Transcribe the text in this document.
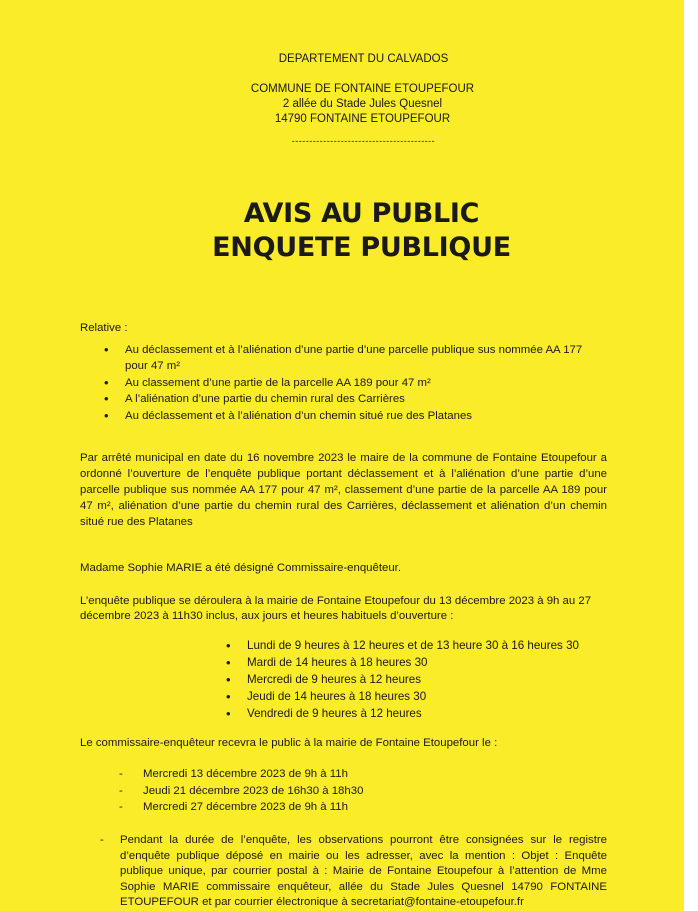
DEPARTEMENT DU CALVADOS
COMMUNE DE FONTAINE ETOUPEFOUR
2 allée du Stade Jules Quesnel
14790 FONTAINE ETOUPEFOUR
-----------------------------------------
AVIS AU PUBLIC
ENQUETE PUBLIQUE

Relative :

• Au déclassement et à l’aliénation d’une partie d’une parcelle publique sus nommée AA 177 pour 47 m²
• Au classement d’une partie de la parcelle AA 189 pour 47 m²
• A l’aliénation d’une partie du chemin rural des Carrières
• Au déclassement et à l’aliénation d’un chemin situé rue des Platanes

Par arrêté municipal en date du 16 novembre 2023 le maire de la commune de Fontaine Etoupefour a ordonné l’ouverture de l’enquête publique portant déclassement et à l’aliénation d’une partie d’une parcelle publique sus nommée AA 177 pour 47 m², classement d’une partie de la parcelle AA 189 pour 47 m², aliénation d’une partie du chemin rural des Carrières, déclassement et aliénation d’un chemin situé rue des Platanes

Madame Sophie MARIE a été désigné Commissaire-enquêteur.

L’enquête publique se déroulera à la mairie de Fontaine Etoupefour du 13 décembre 2023 à 9h au 27 décembre 2023 à 11h30 inclus, aux jours et heures habituels d’ouverture :

• Lundi de 9 heures à 12 heures et de 13 heure 30 à 16 heures 30
• Mardi de 14 heures à 18 heures 30
• Mercredi de 9 heures à 12 heures
• Jeudi de 14 heures à 18 heures 30
• Vendredi de 9 heures à 12 heures

Le commissaire-enquêteur recevra le public à la mairie de Fontaine Etoupefour le :

- Mercredi 13 décembre 2023 de 9h à 11h
- Jeudi 21 décembre 2023 de 16h30 à 18h30
- Mercredi 27 décembre 2023 de 9h à 11h

- Pendant la durée de l’enquête, les observations pourront être consignées sur le registre d’enquête publique déposé en mairie ou les adresser, avec la mention : Objet : Enquête publique unique, par courrier postal à : Mairie de Fontaine Etoupefour à l’attention de Mme Sophie MARIE commissaire enquêteur, allée du Stade Jules Quesnel 14790 FONTAINE ETOUPEFOUR et par courrier électronique à secretariat@fontaine-etoupefour.fr
